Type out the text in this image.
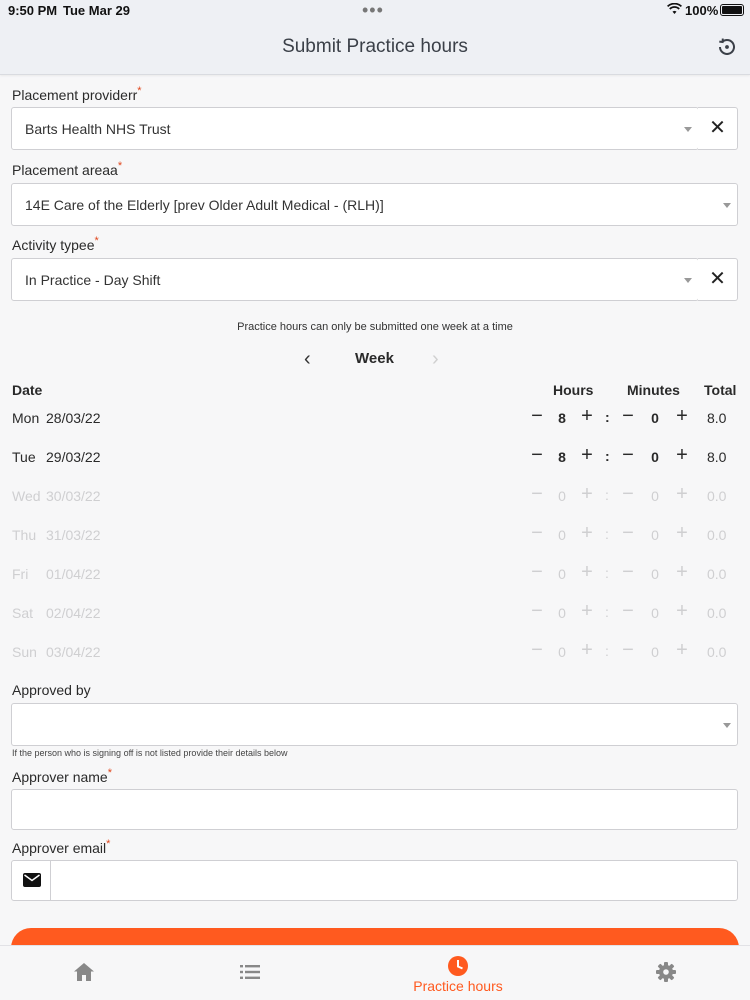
9:50 PM Tue Mar 29	•••	100%
Submit Practice hours
Placement providerr*
Barts Health NHS Trust	✕
Placement areaa*
14E Care of the Elderly [prev Older Adult Medical - (RLH)]
Activity typee*
In Practice - Day Shift	✕
Practice hours can only be submitted one week at a time
‹	Week ›
Date	Hours Minutes Total
Mon 28/03/22	− 8 + : − 0 + 8.0
Tue 29/03/22	− 8 + : − 0 + 8.0
Wed 30/03/22	− 0 + : − 0 + 0.0
Thu 31/03/22	− 0 + : − 0 + 0.0
Fri 01/04/22	− 0 + : − 0 + 0.0
Sat 02/04/22	− 0 + : − 0 + 0.0
Sun 03/04/22	− 0 + : − 0 + 0.0
Approved by
If the person who is signing off is not listed provide their details below
Approver name*
Approver email*
Practice hours
